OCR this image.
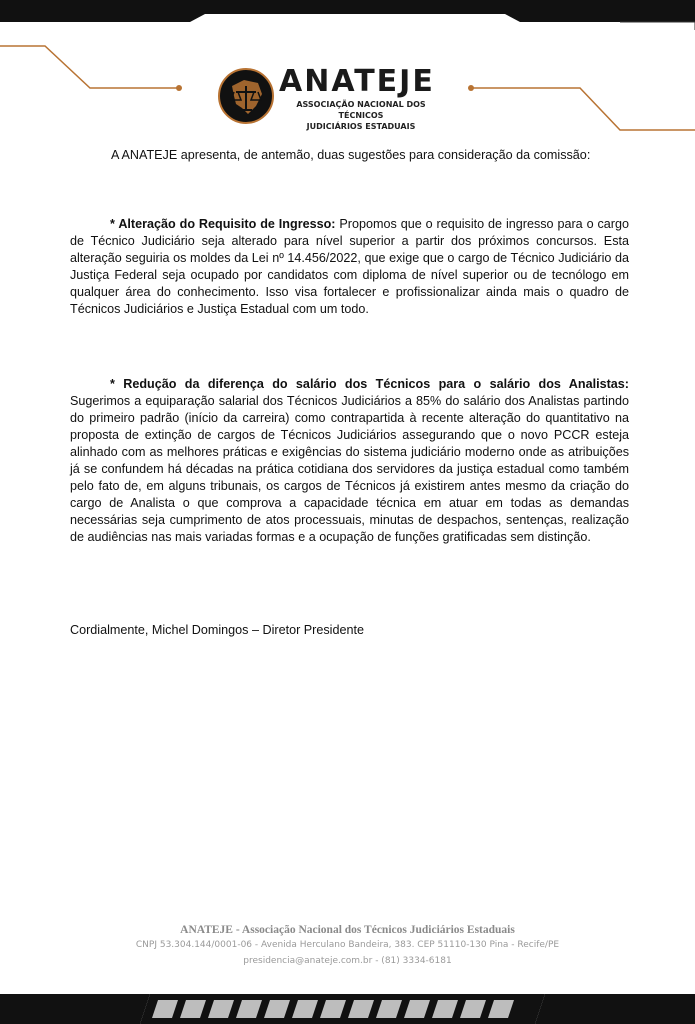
ANATEJE
ASSOCIAÇÃO NACIONAL DOS TÉCNICOS
JUDICIÁRIOS ESTADUAIS

A ANATEJE apresenta, de antemão, duas sugestões para consideração da comissão:

* Alteração do Requisito de Ingresso: Propomos que o requisito de ingresso para o cargo de Técnico Judiciário seja alterado para nível superior a partir dos próximos concursos. Esta alteração seguiria os moldes da Lei nº 14.456/2022, que exige que o cargo de Técnico Judiciário da Justiça Federal seja ocupado por candidatos com diploma de nível superior ou de tecnólogo em qualquer área do conhecimento. Isso visa fortalecer e profissionalizar ainda mais o quadro de Técnicos Judiciários e Justiça Estadual com um todo.

* Redução da diferença do salário dos Técnicos para o salário dos Analistas: Sugerimos a equiparação salarial dos Técnicos Judiciários a 85% do salário dos Analistas partindo do primeiro padrão (início da carreira) como contrapartida à recente alteração do quantitativo na proposta de extinção de cargos de Técnicos Judiciários assegurando que o novo PCCR esteja alinhado com as melhores práticas e exigências do sistema judiciário moderno onde as atribuições já se confundem há décadas na prática cotidiana dos servidores da justiça estadual como também pelo fato de, em alguns tribunais, os cargos de Técnicos já existirem antes mesmo da criação do cargo de Analista o que comprova a capacidade técnica em atuar em todas as demandas necessárias seja cumprimento de atos processuais, minutas de despachos, sentenças, realização de audiências nas mais variadas formas e a ocupação de funções gratificadas sem distinção.

Cordialmente, Michel Domingos – Diretor Presidente

ANATEJE - Associação Nacional dos Técnicos Judiciários Estaduais
CNPJ 53.304.144/0001-06 - Avenida Herculano Bandeira, 383. CEP 51110-130 Pina - Recife/PE
presidencia@anateje.com.br - (81) 3334-6181
